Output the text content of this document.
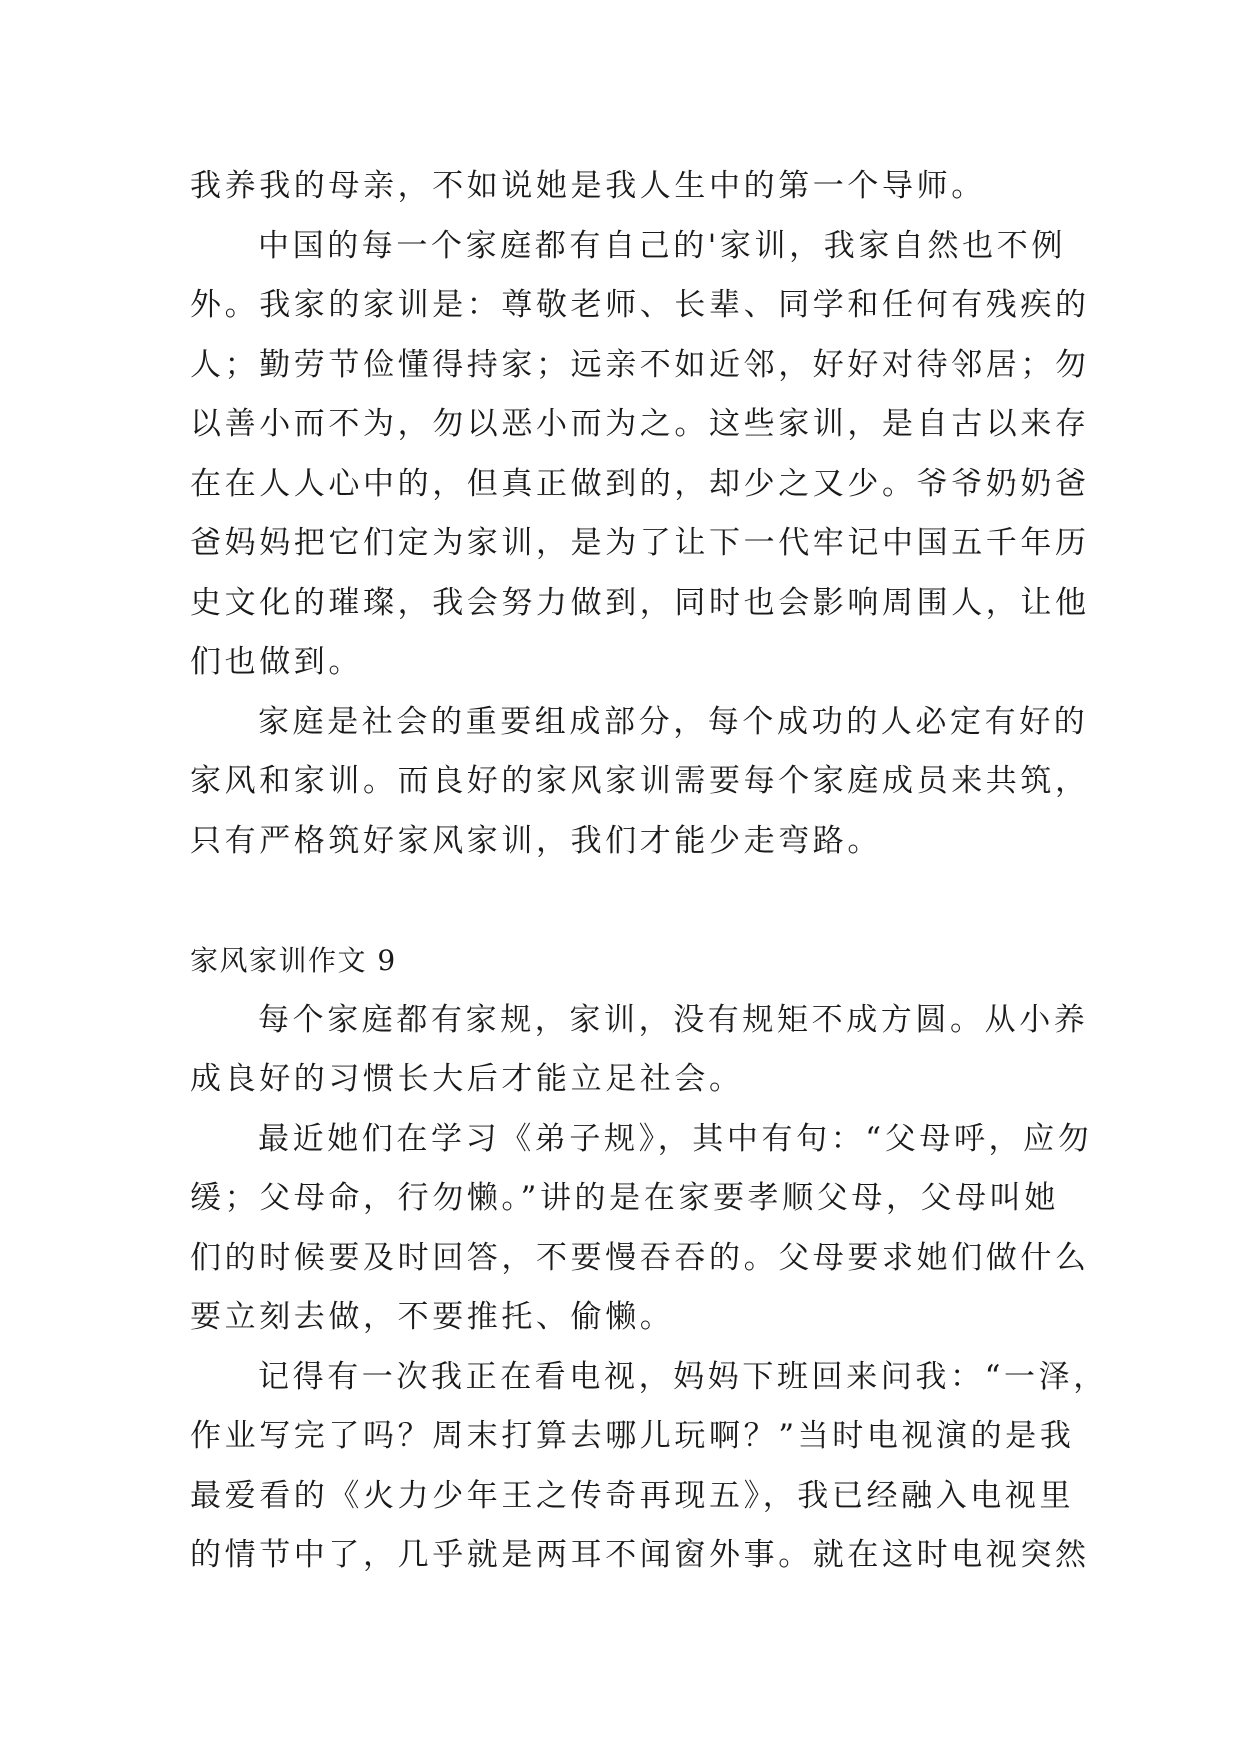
我养我的母亲，不如说她是我人生中的第一个导师。
中国的每一个家庭都有自己的'家训，我家自然也不例
外。我家的家训是：尊敬老师、长辈、同学和任何有残疾的
人；勤劳节俭懂得持家；远亲不如近邻，好好对待邻居；勿
以善小而不为，勿以恶小而为之。这些家训，是自古以来存
在在人人心中的，但真正做到的，却少之又少。爷爷奶奶爸
爸妈妈把它们定为家训，是为了让下一代牢记中国五千年历
史文化的璀璨，我会努力做到，同时也会影响周围人，让他
们也做到。
家庭是社会的重要组成部分，每个成功的人必定有好的
家风和家训。而良好的家风家训需要每个家庭成员来共筑，
只有严格筑好家风家训，我们才能少走弯路。
家风家训作文 9
每个家庭都有家规，家训，没有规矩不成方圆。从小养
成良好的习惯长大后才能立足社会。
最近她们在学习《弟子规》，其中有句：“父母呼，应勿
缓；父母命，行勿懒。”讲的是在家要孝顺父母，父母叫她
们的时候要及时回答，不要慢吞吞的。父母要求她们做什么
要立刻去做，不要推托、偷懒。
记得有一次我正在看电视，妈妈下班回来问我：“一泽，
作业写完了吗？周末打算去哪儿玩啊？”当时电视演的是我
最爱看的《火力少年王之传奇再现五》，我已经融入电视里
的情节中了，几乎就是两耳不闻窗外事。就在这时电视突然
